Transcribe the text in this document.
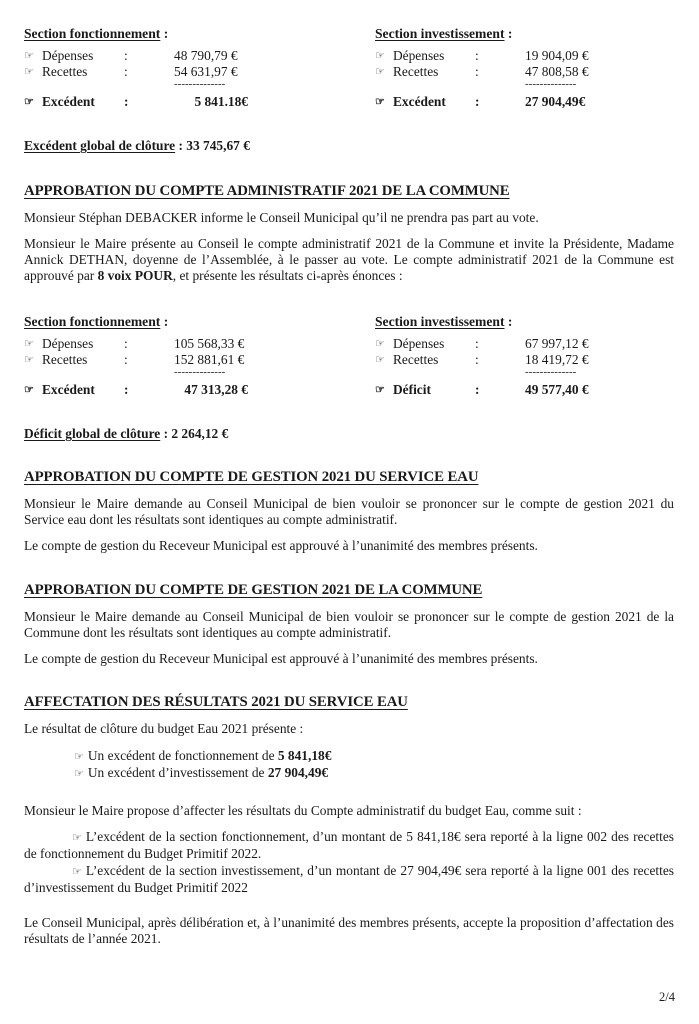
Section fonctionnement :
☞ Dépenses :	48 790,79 €
☞ Recettes	:	54 631,97 €
--------------
☞ Excédent :	5 841.18€
Section investissement :
☞ Dépenses :	19 904,09 €
☞ Recettes	:	47 808,58 €
--------------
☞ Excédent :	27 904,49€
Excédent global de clôture : 33 745,67 €
APPROBATION DU COMPTE ADMINISTRATIF 2021 DE LA COMMUNE
Monsieur Stéphan DEBACKER informe le Conseil Municipal qu’il ne prendra pas part au vote.
Monsieur le Maire présente au Conseil le compte administratif 2021 de la Commune et invite la Présidente, Madame Annick DETHAN, doyenne de l’Assemblée, à le passer au vote. Le compte administratif 2021 de la Commune est approuvé par 8 voix POUR, et présente les résultats ci-après énonces :
Section fonctionnement :
☞ Dépenses :	105 568,33 €
☞ Recettes	:	152 881,61 €
--------------
☞ Excédent :	47 313,28 €
Section investissement :
☞ Dépenses :	67 997,12 €
☞ Recettes	:	18 419,72 €
--------------
☞ Déficit	:	49 577,40 €
Déficit global de clôture : 2 264,12 €
APPROBATION DU COMPTE DE GESTION 2021 DU SERVICE EAU
Monsieur le Maire demande au Conseil Municipal de bien vouloir se prononcer sur le compte de gestion 2021 du Service eau dont les résultats sont identiques au compte administratif.
Le compte de gestion du Receveur Municipal est approuvé à l’unanimité des membres présents.
APPROBATION DU COMPTE DE GESTION 2021 DE LA COMMUNE
Monsieur le Maire demande au Conseil Municipal de bien vouloir se prononcer sur le compte de gestion 2021 de la Commune dont les résultats sont identiques au compte administratif.
Le compte de gestion du Receveur Municipal est approuvé à l’unanimité des membres présents.
AFFECTATION DES RÉSULTATS 2021 DU SERVICE EAU
Le résultat de clôture du budget Eau 2021 présente :
☞ Un excédent de fonctionnement de 5 841,18€
☞ Un excédent d’investissement de 27 904,49€
Monsieur le Maire propose d’affecter les résultats du Compte administratif du budget Eau, comme suit :
☞ L’excédent de la section fonctionnement, d’un montant de 5 841,18€ sera reporté à la ligne 002 des recettes de fonctionnement du Budget Primitif 2022.
☞ L’excédent de la section investissement, d’un montant de 27 904,49€ sera reporté à la ligne 001 des recettes d’investissement du Budget Primitif 2022
Le Conseil Municipal, après délibération et, à l’unanimité des membres présents, accepte la proposition d’affectation des résultats de l’année 2021.
2/4
